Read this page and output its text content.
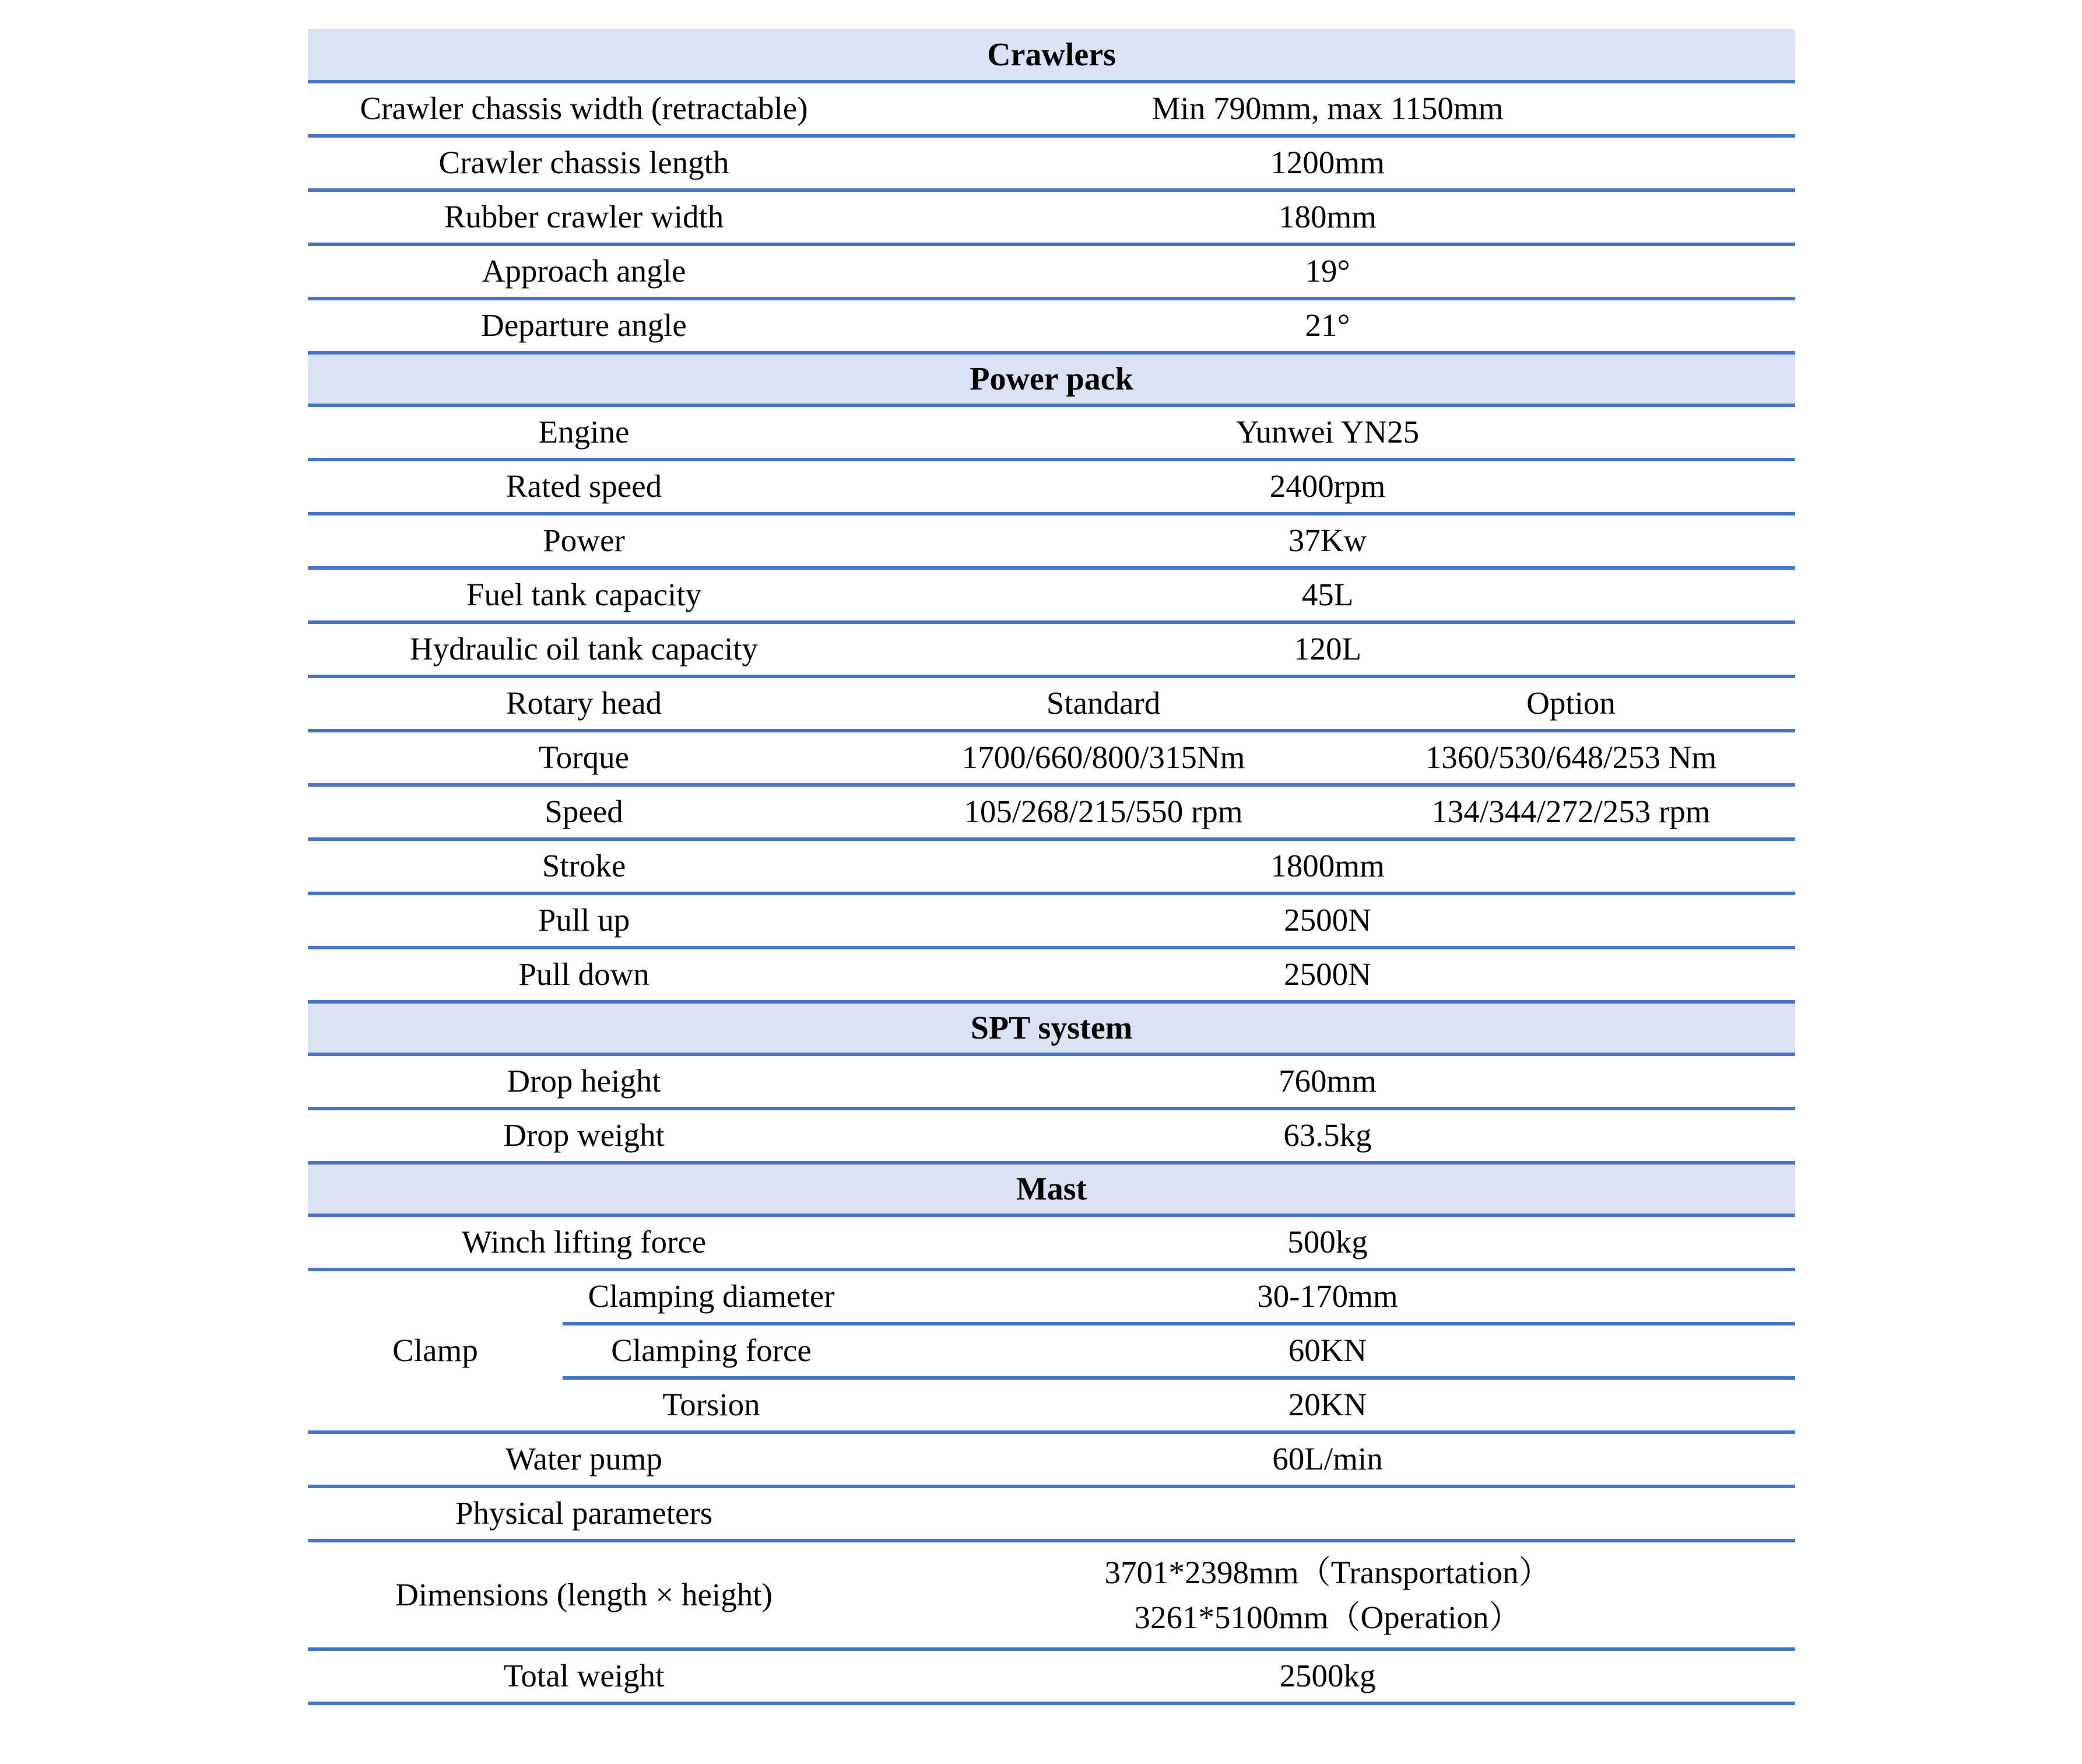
Crawlers			
Crawler chassis width (retractable)		Min 790mm, max 1150mm	
Crawler chassis length		1200mm	
Rubber crawler width		180mm	
Approach angle		19°	
Departure angle		21°	
Power pack			
Engine		Yunwei YN25	
Rated speed		2400rpm	
Power		37Kw	
Fuel tank capacity		45L	
Hydraulic oil tank capacity		120L	
Rotary head		Standard	Option
Torque		1700/660/800/315Nm	1360/530/648/253 Nm
Speed		105/268/215/550 rpm	134/344/272/253 rpm
Stroke		1800mm	
Pull up		2500N	
Pull down		2500N	
SPT system			
Drop height		760mm	
Drop weight		63.5kg	
Mast			
Winch lifting force		500kg	
Clamp	Clamping diameter	30-170mm	
	Clamping force	60KN	
	Torsion	20KN	
Water pump		60L/min	
Physical parameters			
Dimensions (length × height)		3701*2398mm（Transportation）
3261*5100mm（Operation）	

Total weight		2500kg	
